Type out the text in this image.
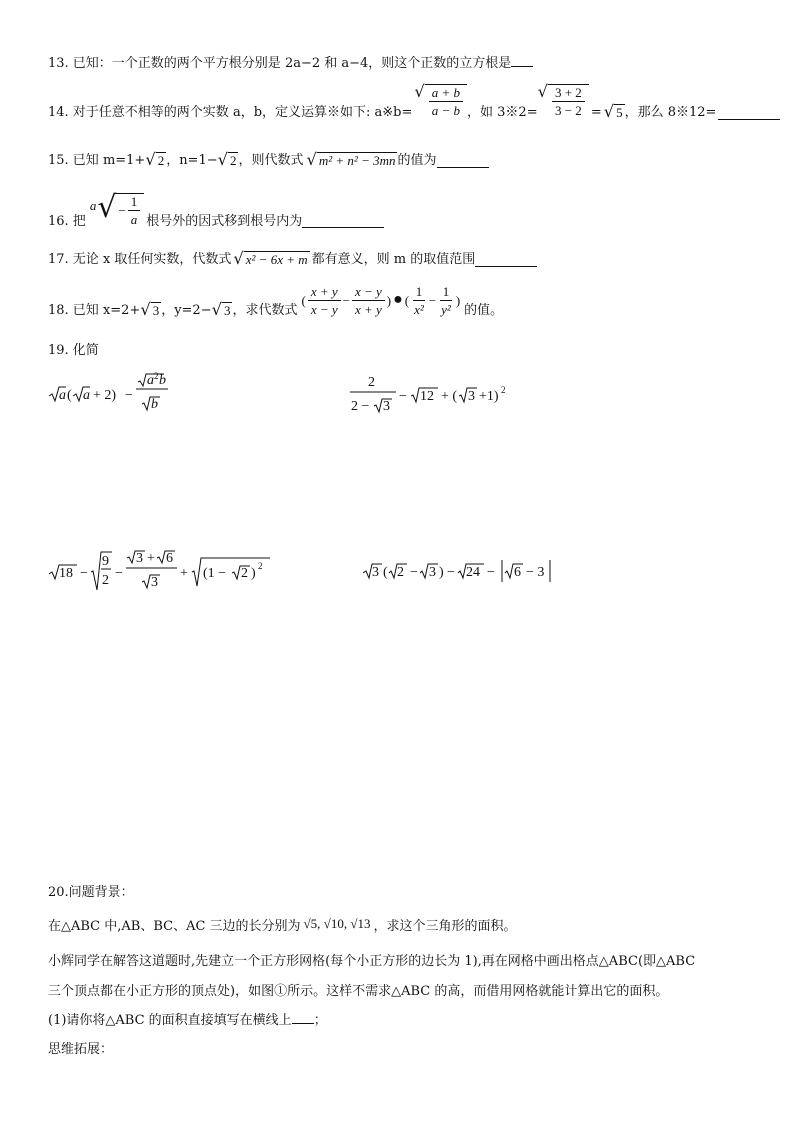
13. 已知：一个正数的两个平方根分别是 2a−2 和 a−4，则这个正数的立方根是
14. 对于任意不相等的两个实数 a，b，定义运算※如下: a※b=
√ $\frac{a + b}{a - b}$ ，如 3※2=
√ $\frac{3 + 2}{3 - 2}$ = √ 5 ，那么 8※12=
15. 已知 m=1+ √ 2 ，n=1− √ 2 ，则代数式 √ m² + n² − 3mn 的值为
16. 把
a √ − $\frac{1}{a}$ 根号外的因式移到根号内为
17. 无论 x 取任何实数，代数式 √ x² − 6x + m 都有意义，则 m 的取值范围
18. 已知 x=2+ √ 3 ，y=2− √ 3 ，求代数式
( $\frac{x + y}{x - y} - \frac{x - y}{x + y}$ ) ● ( $\frac{1}{\text{x²}} - \frac{1}{\text{y²}}$ )
的值。
19. 化简
a ( a + 2) −
a 2 b
b
2
2 − 3
− 12 + ( 3 +1) 2
18 −
9
2 −
3 + 6
3
+ (1 − 2 ) 2	3 ( 2 − 3 ) − 24 − 6 − 3
20.问题背景：
在△ABC 中,AB、BC、AC 三边的长分别为 √5, √10, √13 ，求这个三角形的面积。
小辉同学在解答这道题时,先建立一个正方形网格(每个小正方形的边长为 1),再在网格中画出格点△ABC(即△ABC
三个顶点都在小正方形的顶点处)，如图①所示。这样不需求△ABC 的高，而借用网格就能计算出它的面积。
(1)请你将△ABC 的面积直接填写在横线上 ；
思维拓展：
